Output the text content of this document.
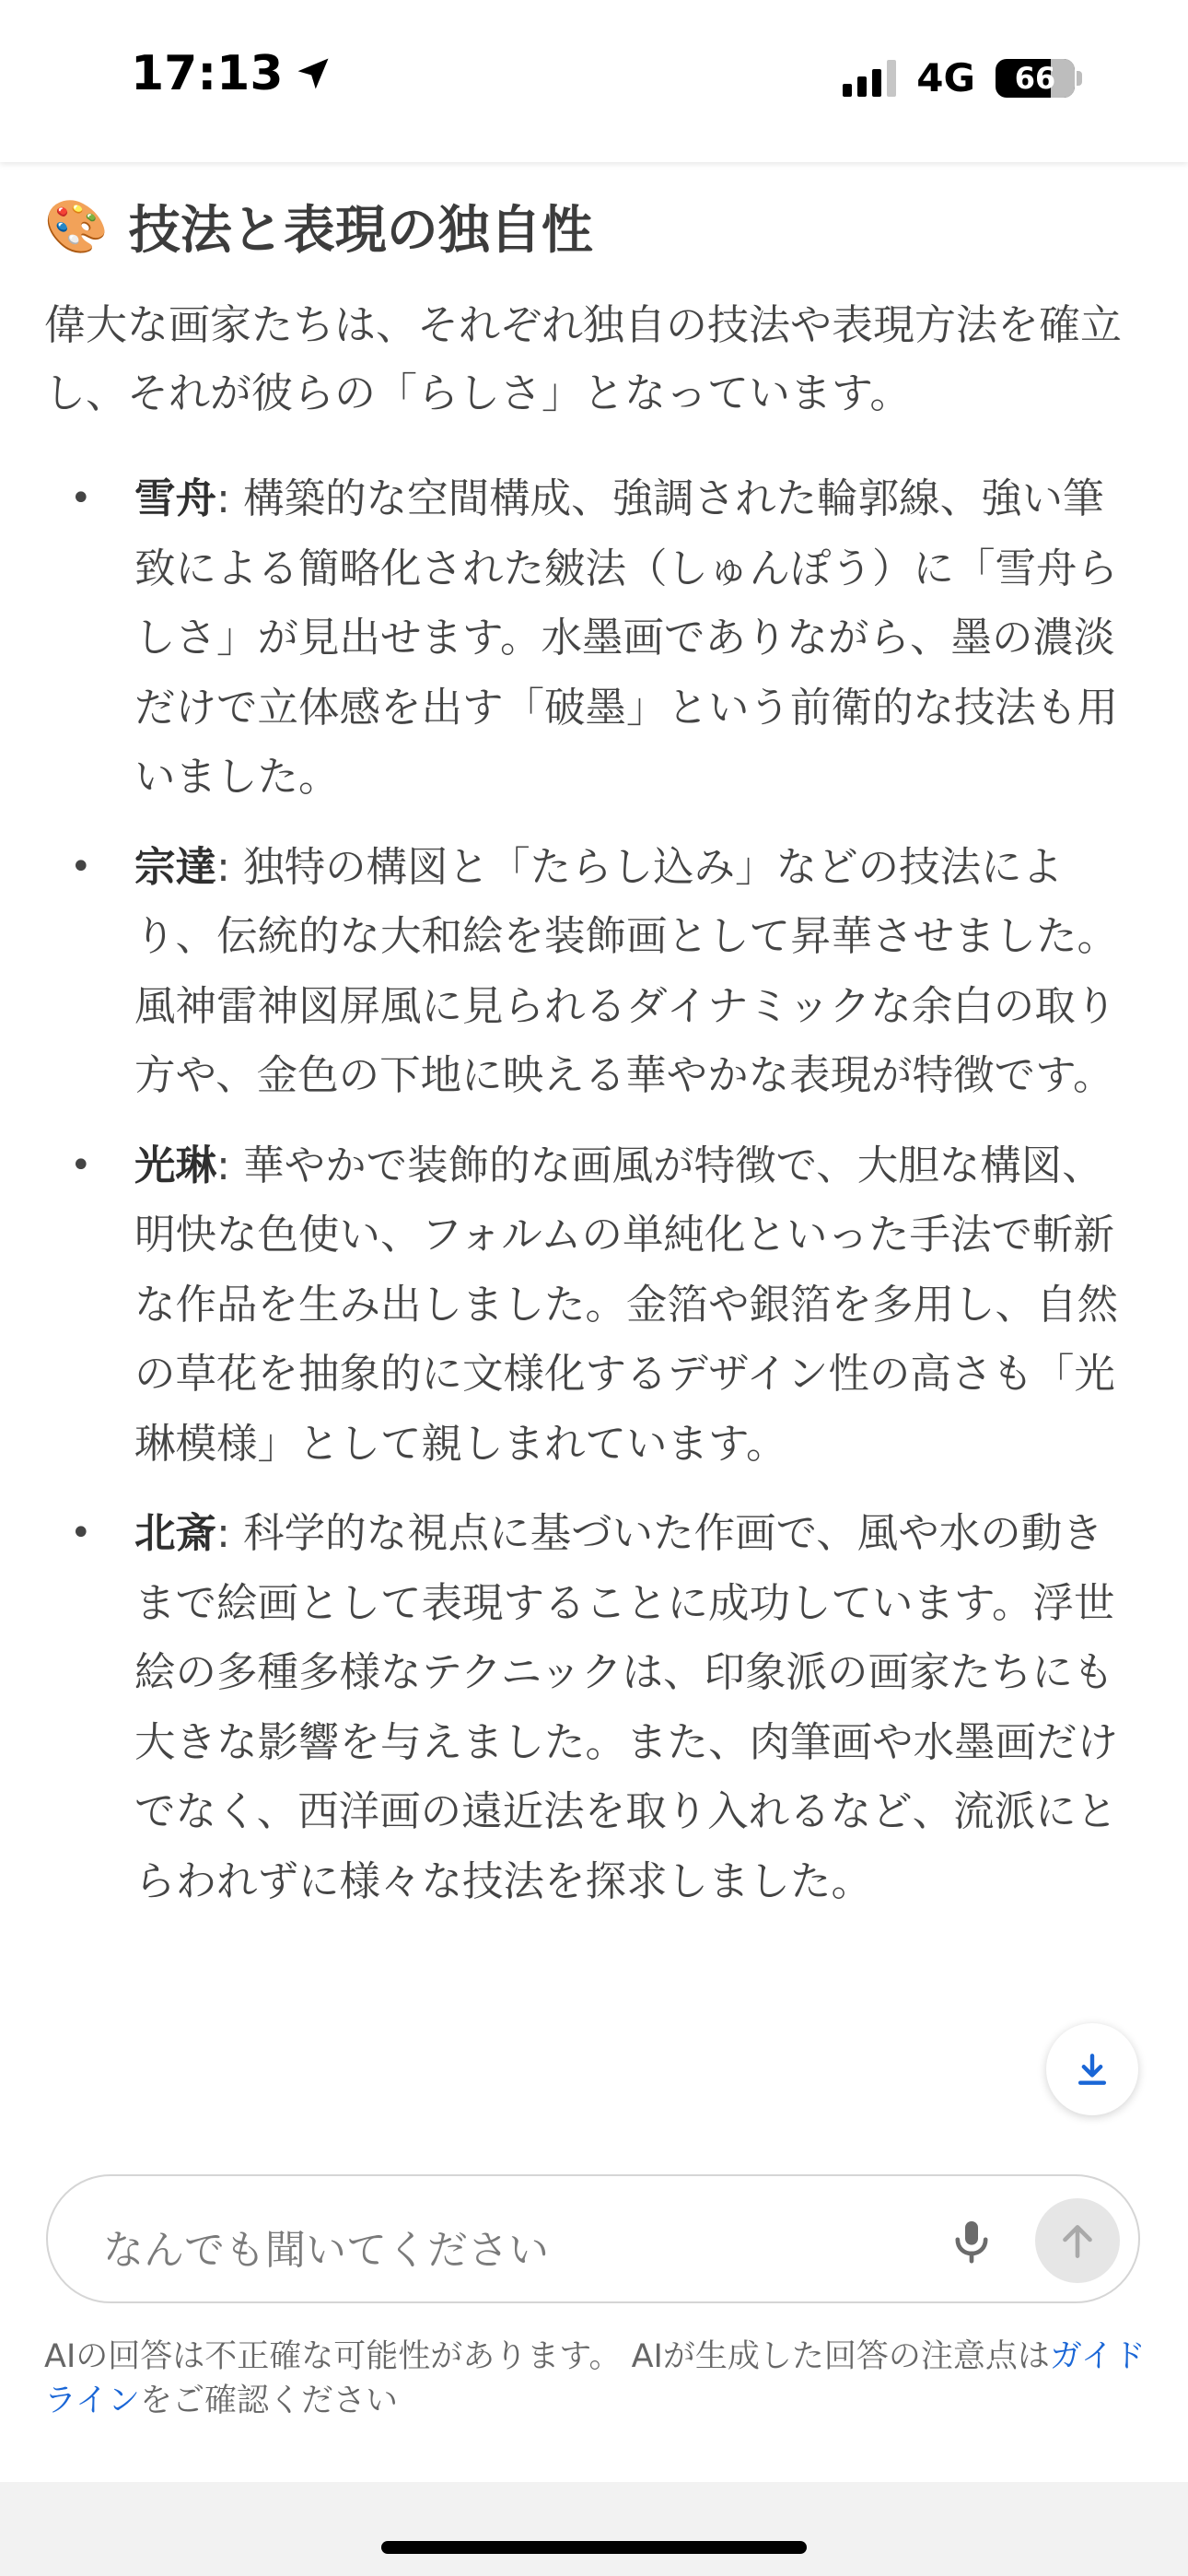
17:13	4G 66
🎨 技法と表現の独自性

偉大な画家たちは、それぞれ独自の技法や表現方法を確立し、それが彼らの「らしさ」となっています。

• 雪舟: 構築的な空間構成、強調された輪郭線、強い筆致による簡略化された皴法（しゅんぽう）に「雪舟らしさ」が見出せます。水墨画でありながら、墨の濃淡だけで立体感を出す「破墨」という前衛的な技法も用いました。
• 宗達: 独特の構図と「たらし込み」などの技法により、伝統的な大和絵を装飾画として昇華させました。風神雷神図屏風に見られるダイナミックな余白の取り方や、金色の下地に映える華やかな表現が特徴です。
• 光琳: 華やかで装飾的な画風が特徴で、大胆な構図、明快な色使い、フォルムの単純化といった手法で斬新な作品を生み出しました。金箔や銀箔を多用し、自然の草花を抽象的に文様化するデザイン性の高さも「光琳模様」として親しまれています。
• 北斎: 科学的な視点に基づいた作画で、風や水の動きまで絵画として表現することに成功しています。浮世絵の多種多様なテクニックは、印象派の画家たちにも大きな影響を与えました。また、肉筆画や水墨画だけでなく、西洋画の遠近法を取り入れるなど、流派にとらわれずに様々な技法を探求しました。
なんでも聞いてください
AIの回答は不正確な可能性があります。 AIが生成した回答の注意点はガイドラインをご確認ください
